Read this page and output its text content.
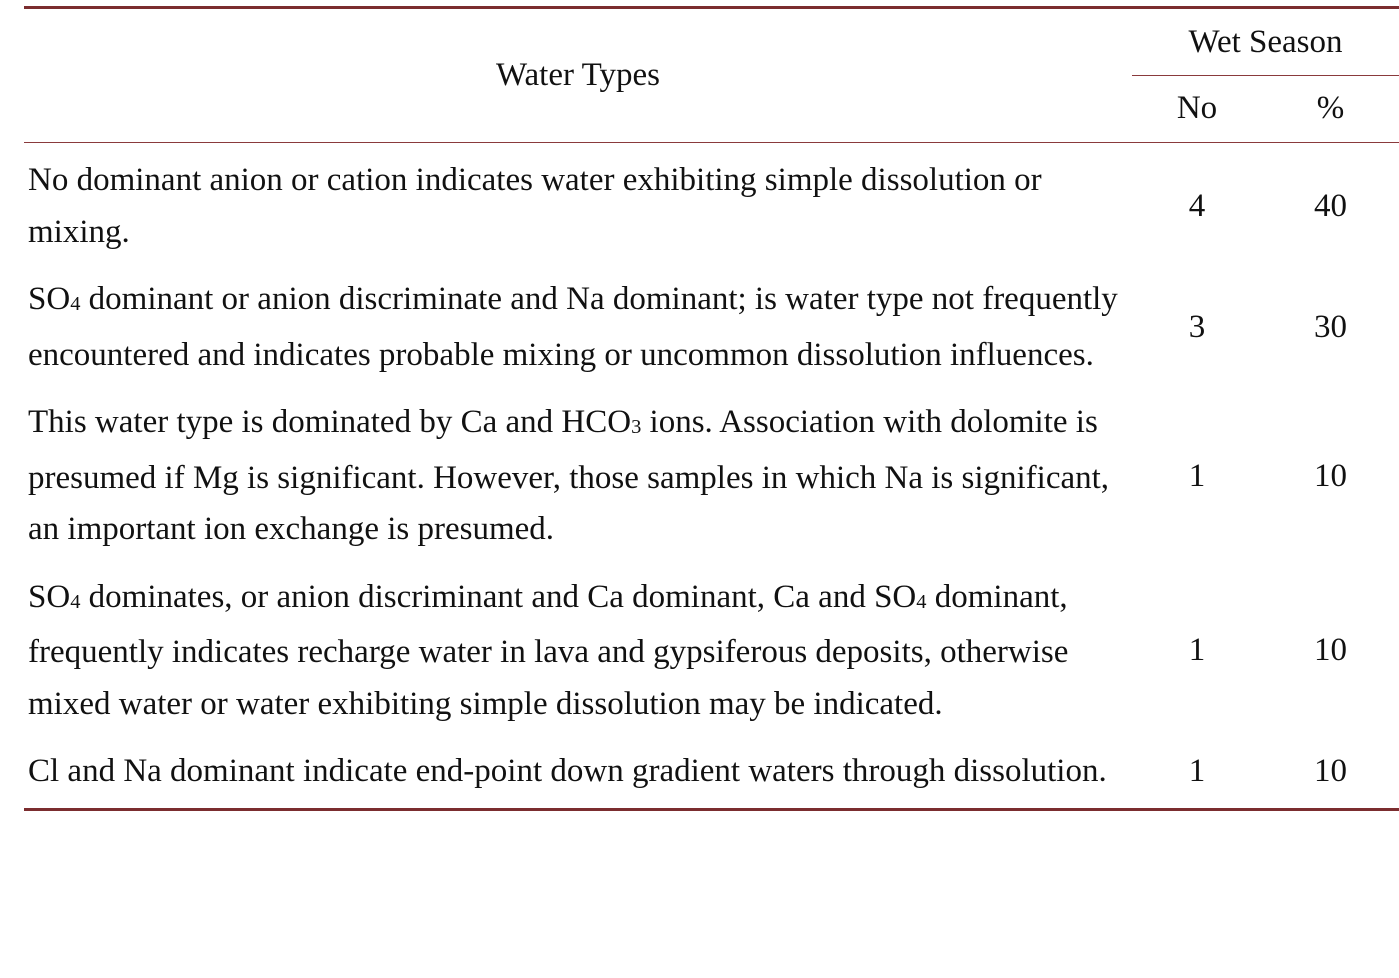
Water Types	Wet Season	

	No	%
No dominant anion or cation indicates water exhibiting simple dissolution or mixing.	4	40
$SO_4$ dominant or anion discriminate and Na dominant; is water type not frequently encountered and indicates probable mixing or uncommon dissolution influences.	3	30
This water type is dominated by Ca and $HCO_3$ ions. Association with dolomite is presumed if Mg is significant. However, those samples in which Na is significant, an important ion exchange is presumed.	1	10
$SO_4$ dominates, or anion discriminant and Ca dominant, Ca and $SO_4$ dominant, frequently indicates recharge water in lava and gypsiferous deposits, otherwise mixed water or water exhibiting simple dissolution may be indicated.	1	10
Cl and Na dominant indicate end-point down gradient waters through dissolution.	1	10
